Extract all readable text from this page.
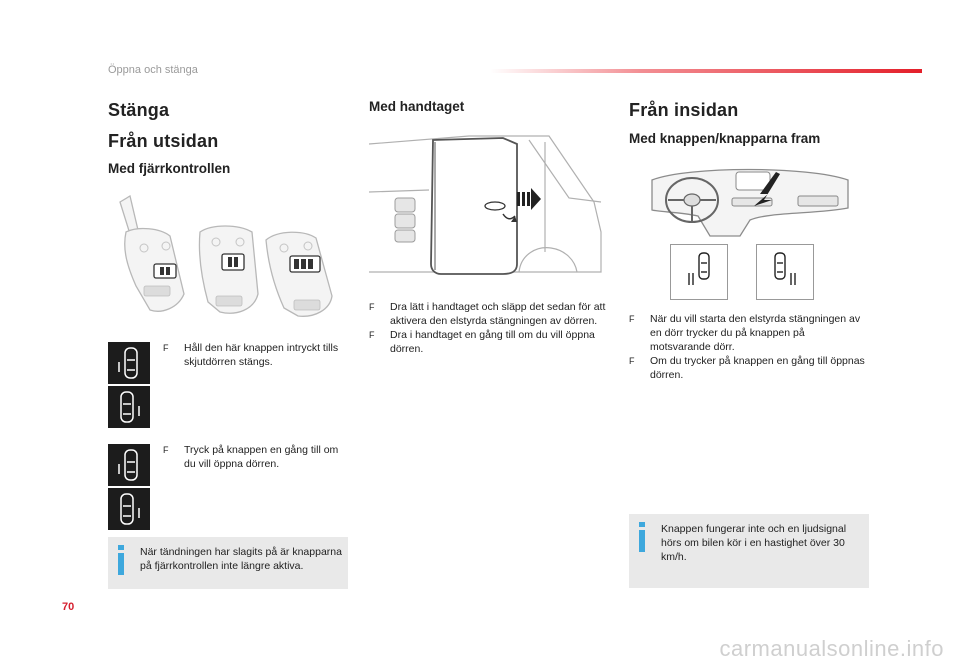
Öppna och stänga
Stänga
Från utsidan
Med fjärrkontrollen

F Håll den här knappen intryckt tills skjutdörren stängs.

F Tryck på knappen en gång till om du vill öppna dörren.

När tändningen har slagits på är knapparna på fjärrkontrollen inte längre aktiva.
Med handtaget

F Dra lätt i handtaget och släpp det sedan för att aktivera den elstyrda stängningen av dörren.

F Dra i handtaget en gång till om du vill öppna dörren.

Från insidan
Med knappen/knapparna fram

F När du vill starta den elstyrda stängningen av en dörr trycker du på knappen på motsvarande dörr.

F Om du trycker på knappen en gång till öppnas dörren.

Knappen fungerar inte och en ljudsignal hörs om bilen kör i en hastighet över 30 km/h.
70
carmanualsonline.info
